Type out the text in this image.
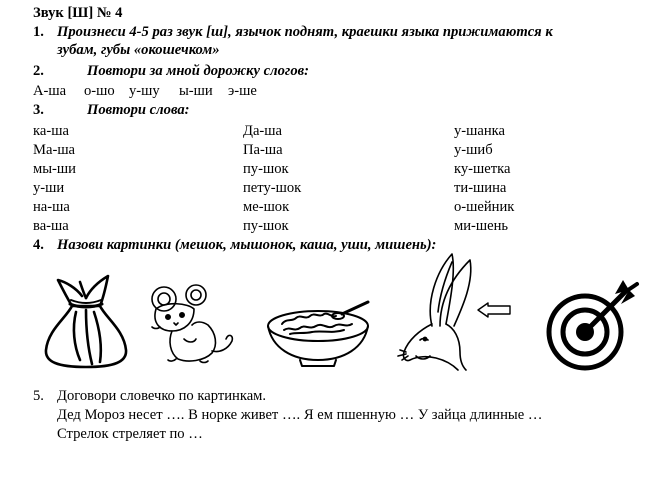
Звук [Ш] № 4
1. Произнеси 4-5 раз звук [ш], язычок поднят, краешки языка прижимаются к
зубам, губы «окошечком»
2.	Повтори за мной дорожку слогов:
А-ша о-шо у-шу ы-ши э-ше
3.	Повтори слова:
ка-ша
Ма-ша
мы-ши
у-ши
на-ша
ва-ша
Да-ша
Па-ша
пу-шок
пету-шок
ме-шок
пу-шок
у-шанка
у-шиб
ку-шетка
ти-шина
о-шейник
ми-шень
4. Назови картинки (мешок, мышонок, каша, уши, мишень):
5. Договори словечко по картинкам.
Дед Мороз несет …. В норке живет …. Я ем пшенную … У зайца длинные …
Стрелок стреляет по …
